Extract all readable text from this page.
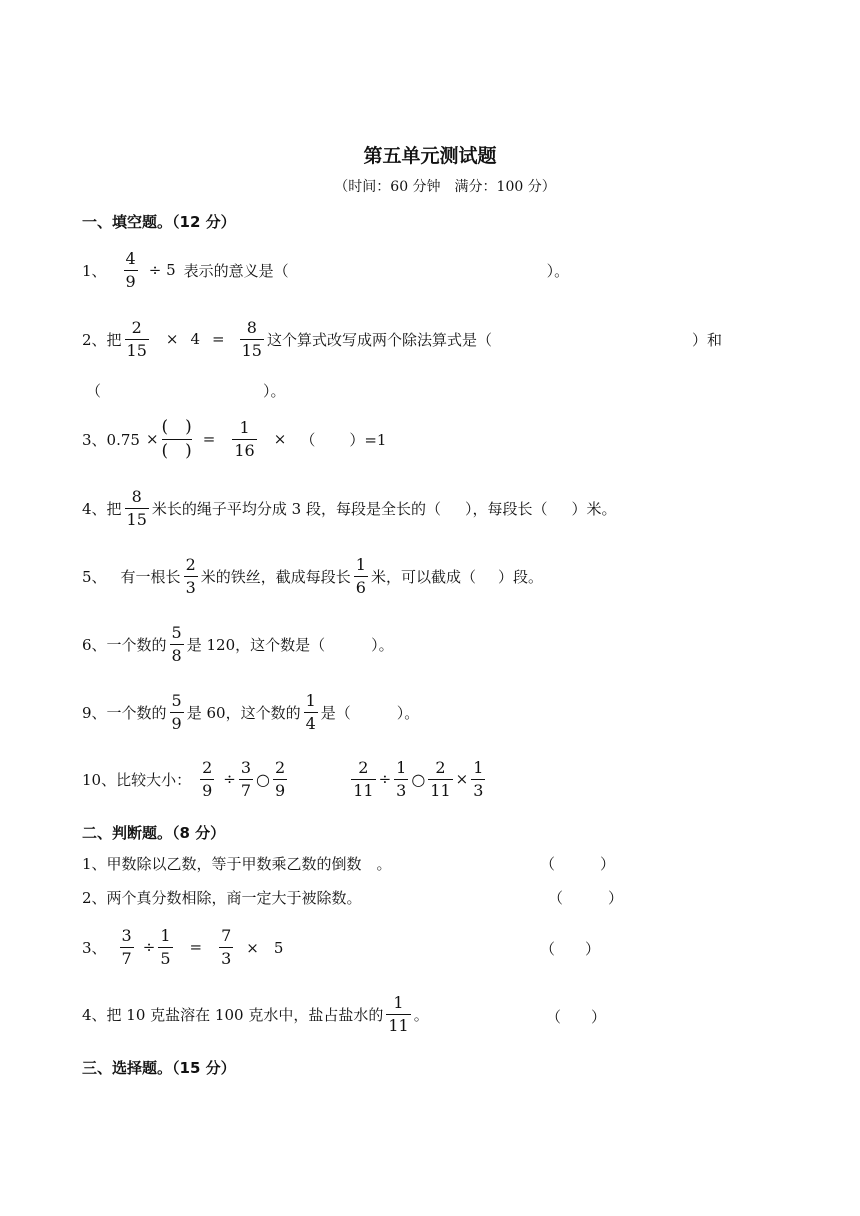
第五单元测试题
（时间：60 分钟　满分：100 分）
一、填空题。（12 分）
1、 $\frac{4}{9} \div 5$ 表示的意义是（	）。
2、把 $\frac{2}{15} \times 4 = \frac{8}{15}$ 这个算式改写成两个除法算式是（	）和
（	）。
3、0.75 ×
(　)
(　)
= $\frac{1}{16}$ × （ ）=1
4、把 $\frac{8}{15}$ 米长的绳子平均分成 3 段，每段是全长的（ ），每段长（ ）米。
5、 有一根长 $\frac{2}{3}$ 米的铁丝，截成每段长 $\frac{1}{6}$ 米，可以截成（ ）段。
6、一个数的 $\frac{5}{8}$ 是 120，这个数是（	）。
9、一个数的 $\frac{5}{9}$ 是 60，这个数的 $\frac{1}{4}$ 是（	）。
10、比较大小： $\frac{2}{9} \div \frac{3}{7}$ ○ $\frac{2}{9}$	$\frac{2}{11} \div \frac{1}{3}$ ○ $\frac{2}{11} \times \frac{1}{3}$
二、判断题。（8 分）
1、甲数除以乙数，等于甲数乘乙数的倒数　。	（　　　）
2、两个真分数相除，商一定大于被除数。	（　　　）
3、 $\frac{3}{7} \div \frac{1}{5} = \frac{7}{3}$ ×　5	（　　）
4、把 10 克盐溶在 100 克水中，盐占盐水的 $\frac{1}{11}$ 。	（　　）
三、选择题。（15 分）
